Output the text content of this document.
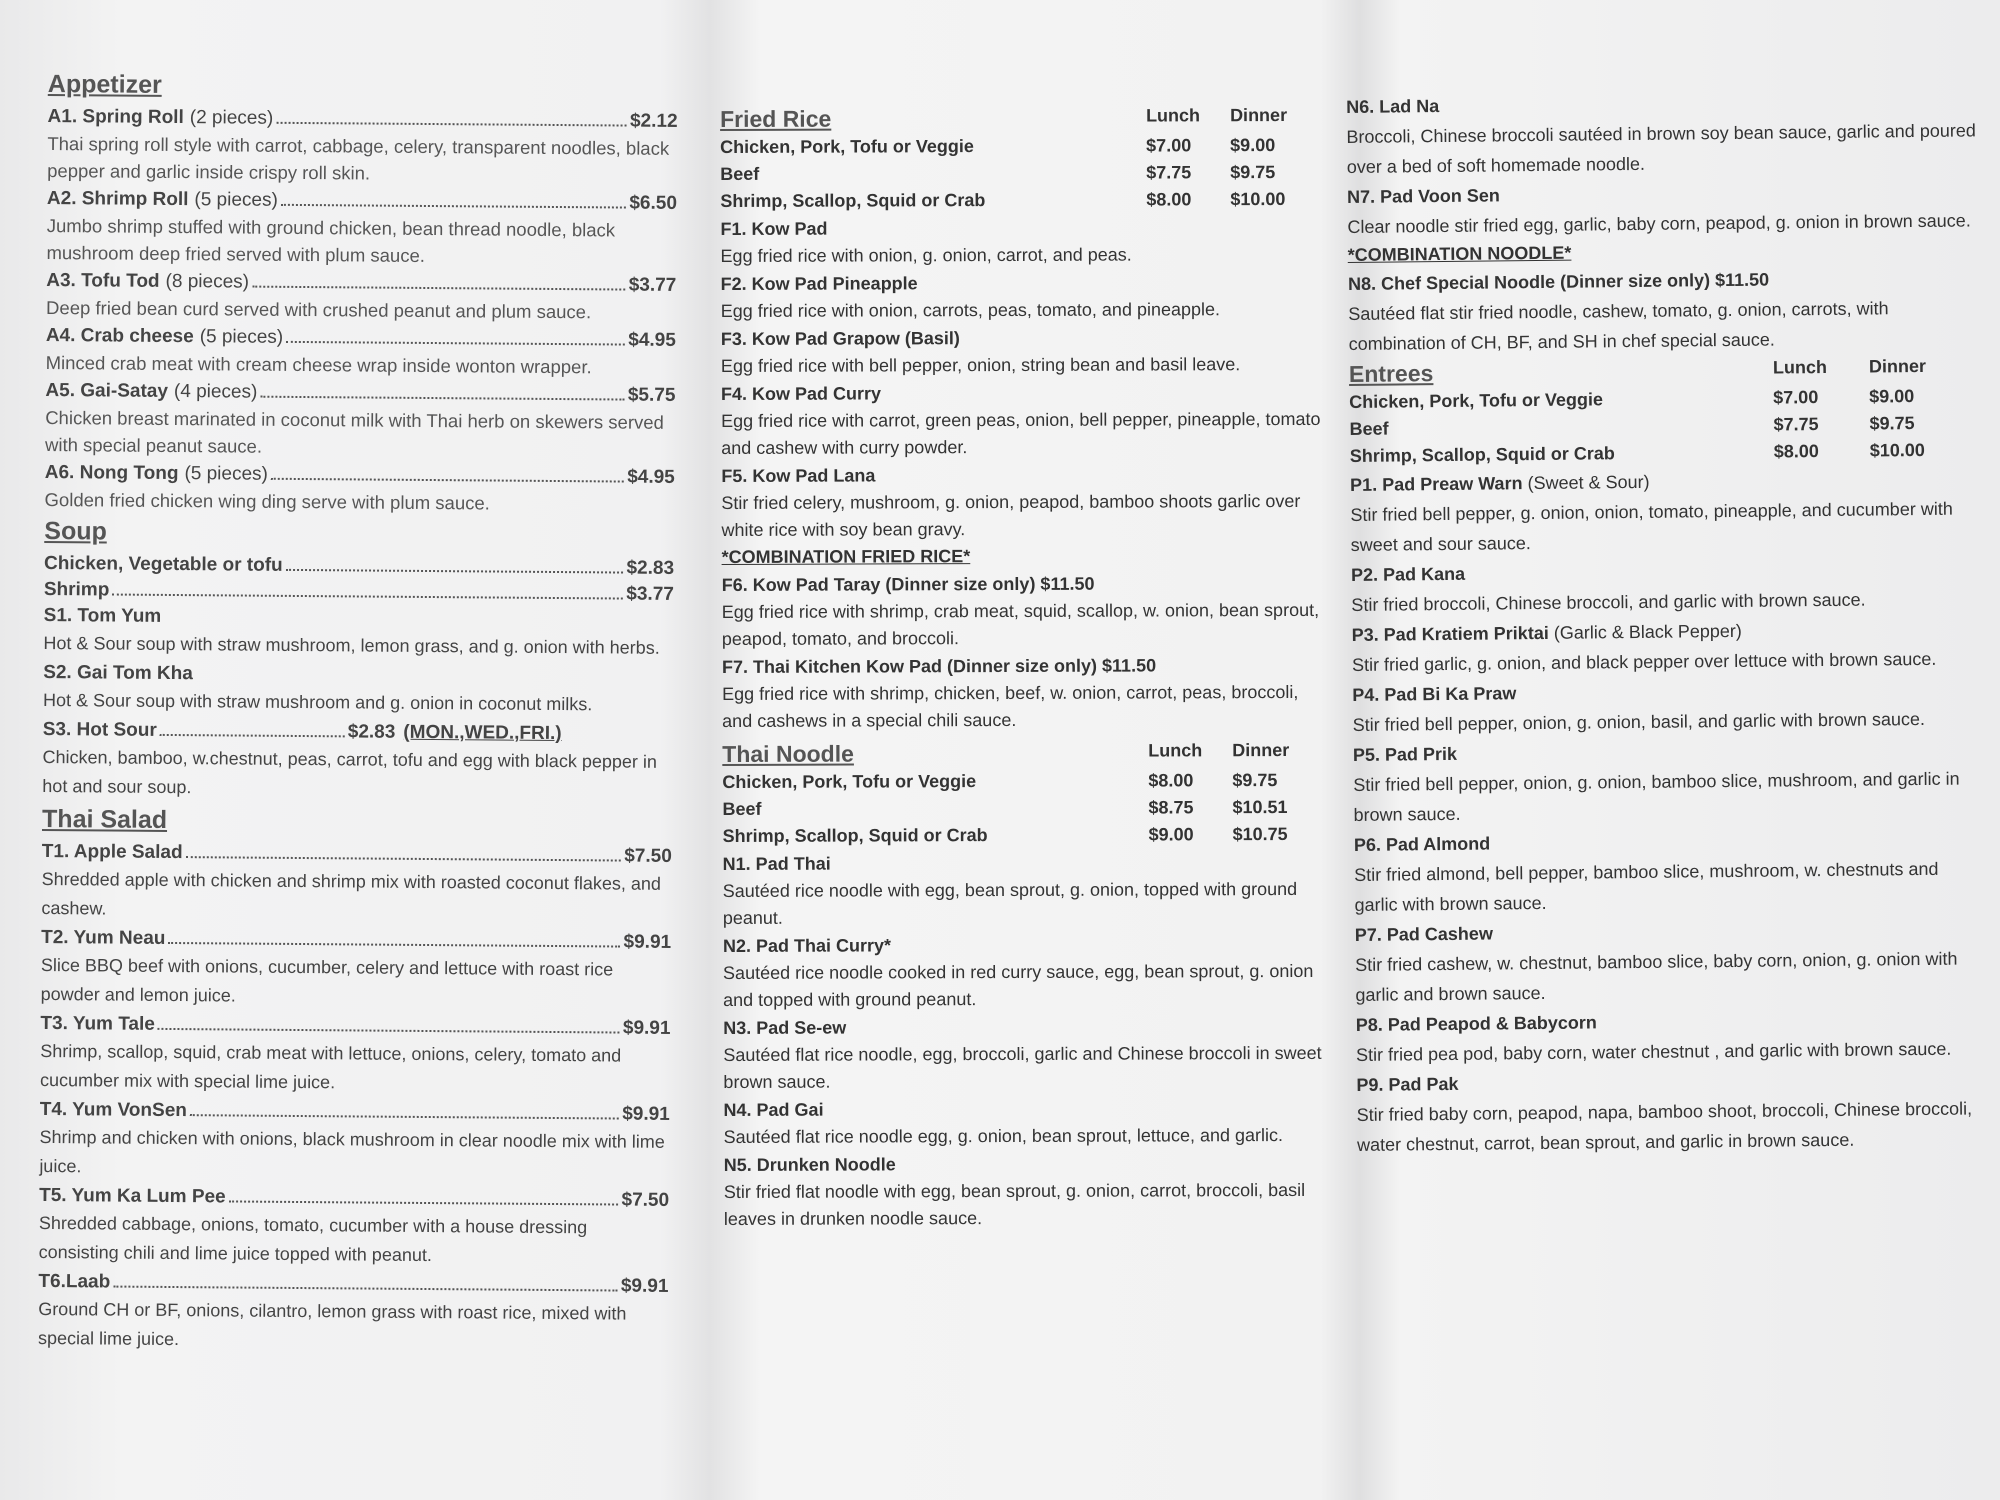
Appetizer
A1. Spring Roll (2 pieces)	$2.12
Thai spring roll style with carrot, cabbage, celery, transparent noodles, black pepper and garlic inside crispy roll skin.
A2. Shrimp Roll (5 pieces)	$6.50
Jumbo shrimp stuffed with ground chicken, bean thread noodle, black mushroom deep fried served with plum sauce.
A3. Tofu Tod (8 pieces)	$3.77
Deep fried bean curd served with crushed peanut and plum sauce.
A4. Crab cheese (5 pieces)	$4.95
Minced crab meat with cream cheese wrap inside wonton wrapper.
A5. Gai-Satay (4 pieces)	$5.75
Chicken breast marinated in coconut milk with Thai herb on skewers served with special peanut sauce.
A6. Nong Tong (5 pieces)	$4.95
Golden fried chicken wing ding serve with plum sauce.
Soup
Chicken, Vegetable or tofu	$2.83
Shrimp	$3.77
S1. Tom Yum
Hot & Sour soup with straw mushroom, lemon grass, and g. onion with herbs.
S2. Gai Tom Kha
Hot & Sour soup with straw mushroom and g. onion in coconut milks.
S3. Hot Sour	$2.83 (MON.,WED.,FRI.)
Chicken, bamboo, w.chestnut, peas, carrot, tofu and egg with black pepper in hot and sour soup.
Thai Salad
T1. Apple Salad	$7.50
Shredded apple with chicken and shrimp mix with roasted coconut flakes, and cashew.
T2. Yum Neau	$9.91
Slice BBQ beef with onions, cucumber, celery and lettuce with roast rice powder and lemon juice.
T3. Yum Tale	$9.91
Shrimp, scallop, squid, crab meat with lettuce, onions, celery, tomato and cucumber mix with special lime juice.
T4. Yum VonSen	$9.91
Shrimp and chicken with onions, black mushroom in clear noodle mix with lime juice.
T5. Yum Ka Lum Pee	$7.50
Shredded cabbage, onions, tomato, cucumber with a house dressing consisting chili and lime juice topped with peanut.
T6.Laab	$9.91
Ground CH or BF, onions, cilantro, lemon grass with roast rice, mixed with special lime juice.
Fried Rice	Lunch	Dinner
Chicken, Pork, Tofu or Veggie	$7.00	$9.00
Beef	$7.75	$9.75
Shrimp, Scallop, Squid or Crab	$8.00	$10.00
F1. Kow Pad
Egg fried rice with onion, g. onion, carrot, and peas.
F2. Kow Pad Pineapple
Egg fried rice with onion, carrots, peas, tomato, and pineapple.
F3. Kow Pad Grapow (Basil)
Egg fried rice with bell pepper, onion, string bean and basil leave.
F4. Kow Pad Curry
Egg fried rice with carrot, green peas, onion, bell pepper, pineapple, tomato and cashew with curry powder.
F5. Kow Pad Lana
Stir fried celery, mushroom, g. onion, peapod, bamboo shoots garlic over white rice with soy bean gravy.
*COMBINATION FRIED RICE*
F6. Kow Pad Taray (Dinner size only) $11.50
Egg fried rice with shrimp, crab meat, squid, scallop, w. onion, bean sprout, peapod, tomato, and broccoli.
F7. Thai Kitchen Kow Pad (Dinner size only) $11.50
Egg fried rice with shrimp, chicken, beef, w. onion, carrot, peas, broccoli, and cashews in a special chili sauce.
Thai Noodle	Lunch	Dinner
Chicken, Pork, Tofu or Veggie	$8.00	$9.75
Beef	$8.75	$10.51
Shrimp, Scallop, Squid or Crab	$9.00	$10.75
N1. Pad Thai
Sautéed rice noodle with egg, bean sprout, g. onion, topped with ground peanut.
N2. Pad Thai Curry*
Sautéed rice noodle cooked in red curry sauce, egg, bean sprout, g. onion and topped with ground peanut.
N3. Pad Se-ew
Sautéed flat rice noodle, egg, broccoli, garlic and Chinese broccoli in sweet brown sauce.
N4. Pad Gai
Sautéed flat rice noodle egg, g. onion, bean sprout, lettuce, and garlic.
N5. Drunken Noodle
Stir fried flat noodle with egg, bean sprout, g. onion, carrot, broccoli, basil leaves in drunken noodle sauce.
N6. Lad Na
Broccoli, Chinese broccoli sautéed in brown soy bean sauce, garlic and poured over a bed of soft homemade noodle.
N7. Pad Voon Sen
Clear noodle stir fried egg, garlic, baby corn, peapod, g. onion in brown sauce.
*COMBINATION NOODLE*
N8. Chef Special Noodle (Dinner size only) $11.50
Sautéed flat stir fried noodle, cashew, tomato, g. onion, carrots, with combination of CH, BF, and SH in chef special sauce.
Entrees	Lunch	Dinner
Chicken, Pork, Tofu or Veggie	$7.00	$9.00
Beef	$7.75	$9.75
Shrimp, Scallop, Squid or Crab	$8.00	$10.00
P1. Pad Preaw Warn (Sweet & Sour)
Stir fried bell pepper, g. onion, onion, tomato, pineapple, and cucumber with sweet and sour sauce.
P2. Pad Kana
Stir fried broccoli, Chinese broccoli, and garlic with brown sauce.
P3. Pad Kratiem Priktai (Garlic & Black Pepper)
Stir fried garlic, g. onion, and black pepper over lettuce with brown sauce.
P4. Pad Bi Ka Praw
Stir fried bell pepper, onion, g. onion, basil, and garlic with brown sauce.
P5. Pad Prik
Stir fried bell pepper, onion, g. onion, bamboo slice, mushroom, and garlic in brown sauce.
P6. Pad Almond
Stir fried almond, bell pepper, bamboo slice, mushroom, w. chestnuts and garlic with brown sauce.
P7. Pad Cashew
Stir fried cashew, w. chestnut, bamboo slice, baby corn, onion, g. onion with garlic and brown sauce.
P8. Pad Peapod & Babycorn
Stir fried pea pod, baby corn, water chestnut , and garlic with brown sauce.
P9. Pad Pak
Stir fried baby corn, peapod, napa, bamboo shoot, broccoli, Chinese broccoli, water chestnut, carrot, bean sprout, and garlic in brown sauce.
